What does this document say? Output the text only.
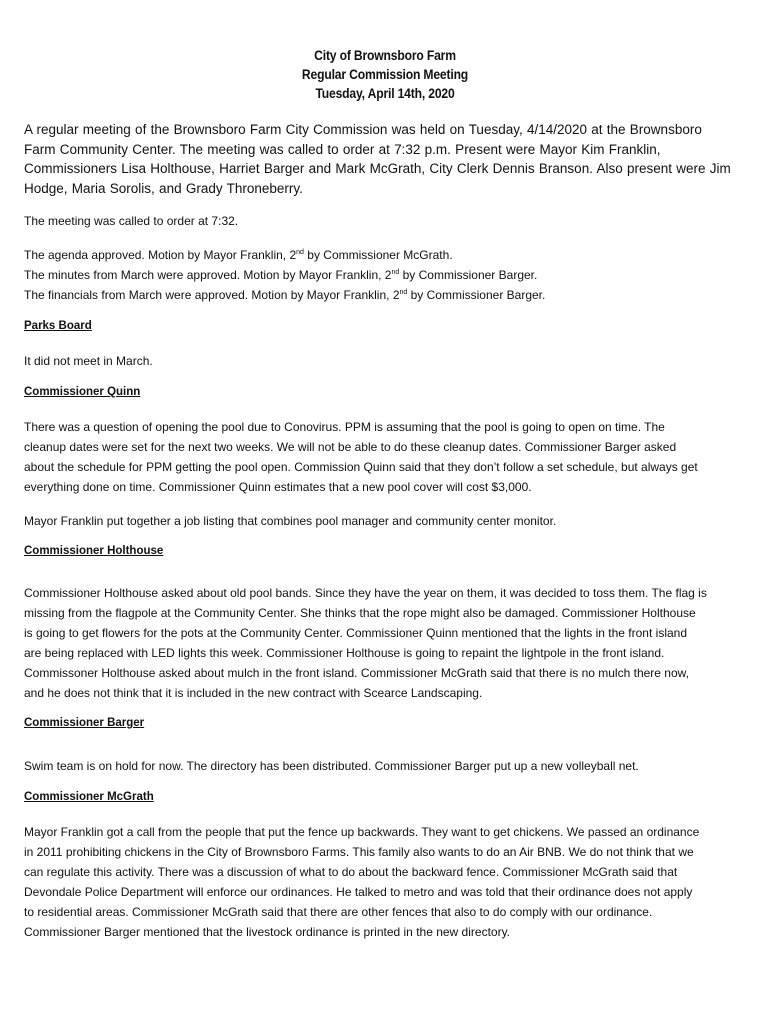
City of Brownsboro Farm
Regular Commission Meeting
Tuesday, April 14th, 2020
A regular meeting of the Brownsboro Farm City Commission was held on Tuesday, 4/14/2020 at the Brownsboro
Farm Community Center. The meeting was called to order at 7:32 p.m. Present were Mayor Kim Franklin,
Commissioners Lisa Holthouse, Harriet Barger and Mark McGrath, City Clerk Dennis Branson. Also present were Jim
Hodge, Maria Sorolis, and Grady Throneberry.
The meeting was called to order at 7:32.
The agenda approved. Motion by Mayor Franklin, 2nd by Commissioner McGrath.
The minutes from March were approved. Motion by Mayor Franklin, 2nd by Commissioner Barger.
The financials from March were approved. Motion by Mayor Franklin, 2nd by Commissioner Barger.
Parks Board
It did not meet in March.
Commissioner Quinn
There was a question of opening the pool due to Conovirus. PPM is assuming that the pool is going to open on time. The
cleanup dates were set for the next two weeks. We will not be able to do these cleanup dates. Commissioner Barger asked
about the schedule for PPM getting the pool open. Commission Quinn said that they don’t follow a set schedule, but always get
everything done on time. Commissioner Quinn estimates that a new pool cover will cost $3,000.
Mayor Franklin put together a job listing that combines pool manager and community center monitor.
Commissioner Holthouse
Commissioner Holthouse asked about old pool bands. Since they have the year on them, it was decided to toss them. The flag is
missing from the flagpole at the Community Center. She thinks that the rope might also be damaged. Commissioner Holthouse
is going to get flowers for the pots at the Community Center. Commissioner Quinn mentioned that the lights in the front island
are being replaced with LED lights this week. Commissioner Holthouse is going to repaint the lightpole in the front island.
Commissoner Holthouse asked about mulch in the front island. Commissioner McGrath said that there is no mulch there now,
and he does not think that it is included in the new contract with Scearce Landscaping.
Commissioner Barger
Swim team is on hold for now. The directory has been distributed. Commissioner Barger put up a new volleyball net.
Commissioner McGrath
Mayor Franklin got a call from the people that put the fence up backwards. They want to get chickens. We passed an ordinance
in 2011 prohibiting chickens in the City of Brownsboro Farms. This family also wants to do an Air BNB. We do not think that we
can regulate this activity. There was a discussion of what to do about the backward fence. Commissioner McGrath said that
Devondale Police Department will enforce our ordinances. He talked to metro and was told that their ordinance does not apply
to residential areas. Commissioner McGrath said that there are other fences that also to do comply with our ordinance.
Commissioner Barger mentioned that the livestock ordinance is printed in the new directory.
